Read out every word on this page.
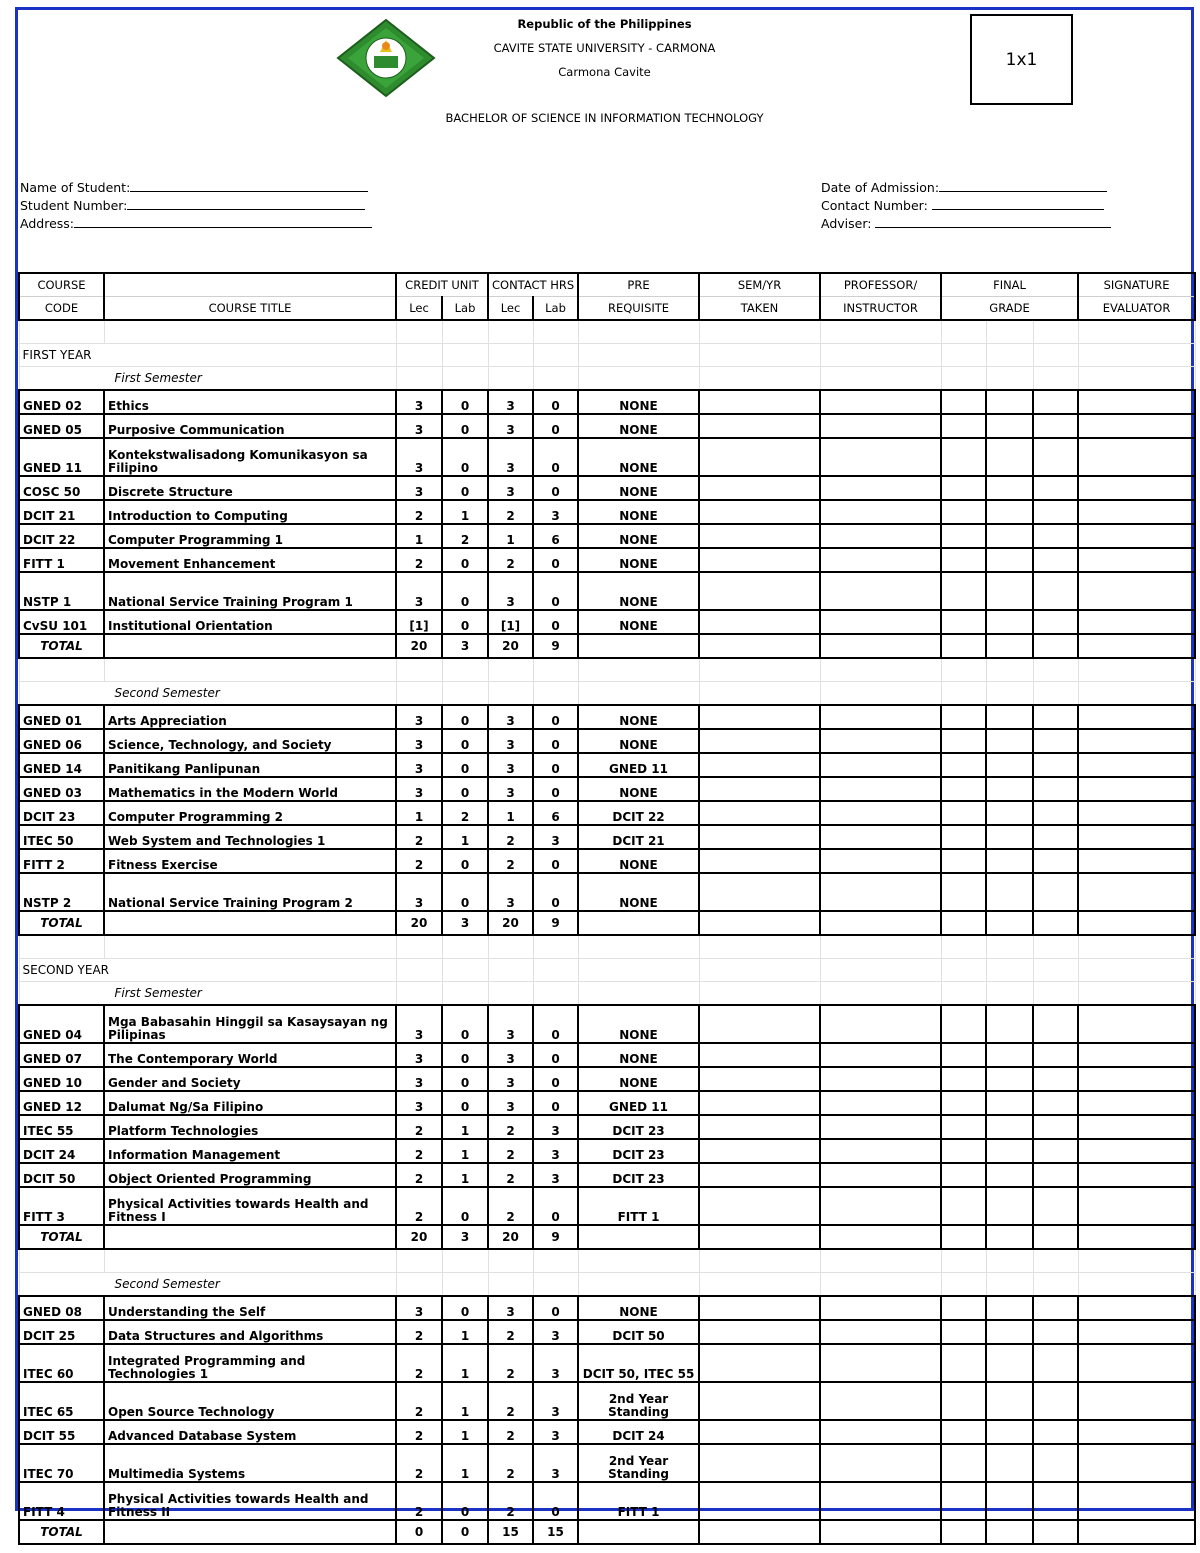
Republic of the Philippines
CAVITE STATE UNIVERSITY - CARMONA
Carmona Cavite
BACHELOR OF SCIENCE IN INFORMATION TECHNOLOGY
1x1
Name of Student:
Student Number:
Address:
Date of Admission:
Contact Number:
Adviser:
COURSE		CREDIT UNIT		CONTACT HRS		PRE	SEM/YR	PROFESSOR/	FINAL			SIGNATURE
CODE	COURSE TITLE	Lec	Lab	Lec	Lab	REQUISITE	TAKEN	INSTRUCTOR	GRADE			EVALUATOR

FIRST YEAR												
First Semester												
GNED 02	Ethics	3	0	3	0	NONE						
GNED 05	Purposive Communication	3	0	3	0	NONE						
GNED 11	Kontekstwalisadong Komunikasyon sa Filipino	3	0	3	0	NONE						
COSC 50	Discrete Structure	3	0	3	0	NONE						
DCIT 21	Introduction to Computing	2	1	2	3	NONE						
DCIT 22	Computer Programming 1	1	2	1	6	NONE						
FITT 1	Movement Enhancement	2	0	2	0	NONE						
NSTP 1	National Service Training Program 1	3	0	3	0	NONE						
CvSU 101	Institutional Orientation	[1]	0	[1]	0	NONE						
TOTAL		20	3	20	9							

Second Semester												
GNED 01	Arts Appreciation	3	0	3	0	NONE						
GNED 06	Science, Technology, and Society	3	0	3	0	NONE						
GNED 14	Panitikang Panlipunan	3	0	3	0	GNED 11						
GNED 03	Mathematics in the Modern World	3	0	3	0	NONE						
DCIT 23	Computer Programming 2	1	2	1	6	DCIT 22						
ITEC 50	Web System and Technologies 1	2	1	2	3	DCIT 21						
FITT 2	Fitness Exercise	2	0	2	0	NONE						
NSTP 2	National Service Training Program 2	3	0	3	0	NONE						
TOTAL		20	3	20	9							

SECOND YEAR												
First Semester												
GNED 04	Mga Babasahin Hinggil sa Kasaysayan ng Pilipinas	3	0	3	0	NONE						
GNED 07	The Contemporary World	3	0	3	0	NONE						
GNED 10	Gender and Society	3	0	3	0	NONE						
GNED 12	Dalumat Ng/Sa Filipino	3	0	3	0	GNED 11						
ITEC 55	Platform Technologies	2	1	2	3	DCIT 23						
DCIT 24	Information Management	2	1	2	3	DCIT 23						
DCIT 50	Object Oriented Programming	2	1	2	3	DCIT 23						
FITT 3	Physical Activities towards Health and Fitness I	2	0	2	0	FITT 1						
TOTAL		20	3	20	9							

Second Semester												
GNED 08	Understanding the Self	3	0	3	0	NONE						
DCIT 25	Data Structures and Algorithms	2	1	2	3	DCIT 50						
ITEC 60	Integrated Programming and Technologies 1	2	1	2	3	DCIT 50, ITEC 55						
ITEC 65	Open Source Technology	2	1	2	3	2nd Year Standing						
DCIT 55	Advanced Database System	2	1	2	3	DCIT 24						
ITEC 70	Multimedia Systems	2	1	2	3	2nd Year Standing						
FITT 4	Physical Activities towards Health and Fitness II	2	0	2	0	FITT 1						
TOTAL		0	0	15	15							
